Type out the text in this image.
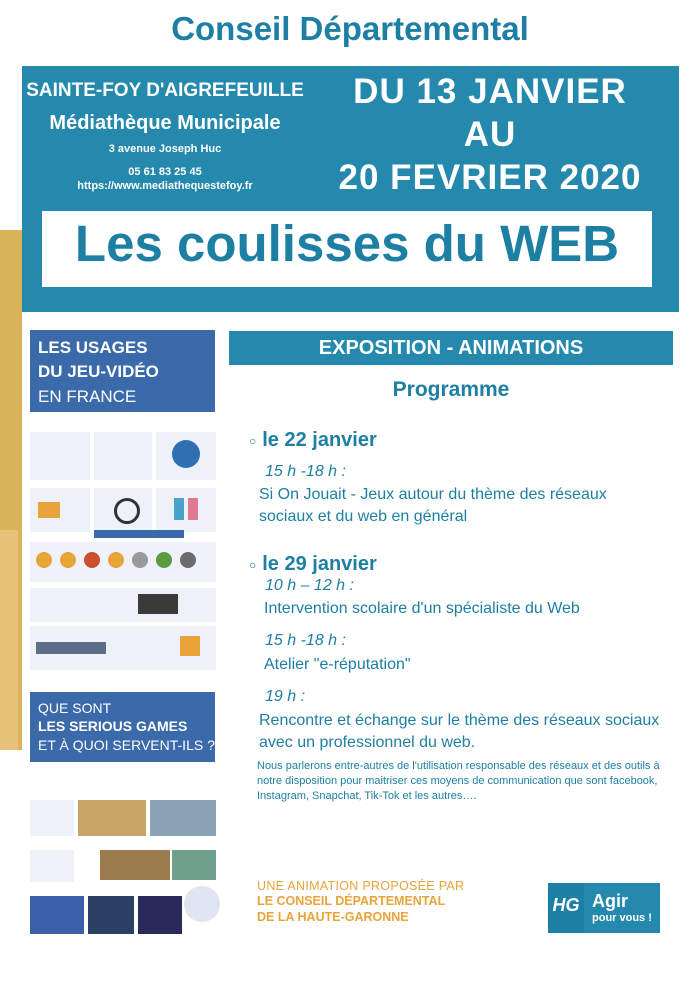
Conseil Départemental
SAINTE-FOY D'AIGREFEUILLE
Médiathèque Municipale
3 avenue Joseph Huc
05 61 83 25 45
https://www.mediathequestefoy.fr
DU 13 JANVIER
AU
20 FEVRIER 2020
Les coulisses du WEB
EXPOSITION - ANIMATIONS
Programme
○ le 22 janvier
15 h -18 h :
Si On Jouait - Jeux autour du thème des réseaux sociaux et du web en général
○ le 29 janvier
10 h – 12 h :
Intervention scolaire d'un spécialiste du Web
15 h -18 h :
Atelier "e-réputation"
19 h :
Rencontre et échange sur le thème des réseaux sociaux avec un professionnel du web.
Nous parlerons entre-autres de l'utilisation responsable des réseaux et des outils à notre disposition pour maitriser ces moyens de communication que sont facebook, Instagram, Snapchat, Tik-Tok et les autres….
UNE ANIMATION PROPOSÉE PAR
LE CONSEIL DÉPARTEMENTAL
DE LA HAUTE-GARONNE
HG Agir
pour vous !
LES USAGES
DU JEU-VIDÉO
EN FRANCE
QUE SONT
LES SERIOUS GAMES
ET À QUOI SERVENT-ILS ?
